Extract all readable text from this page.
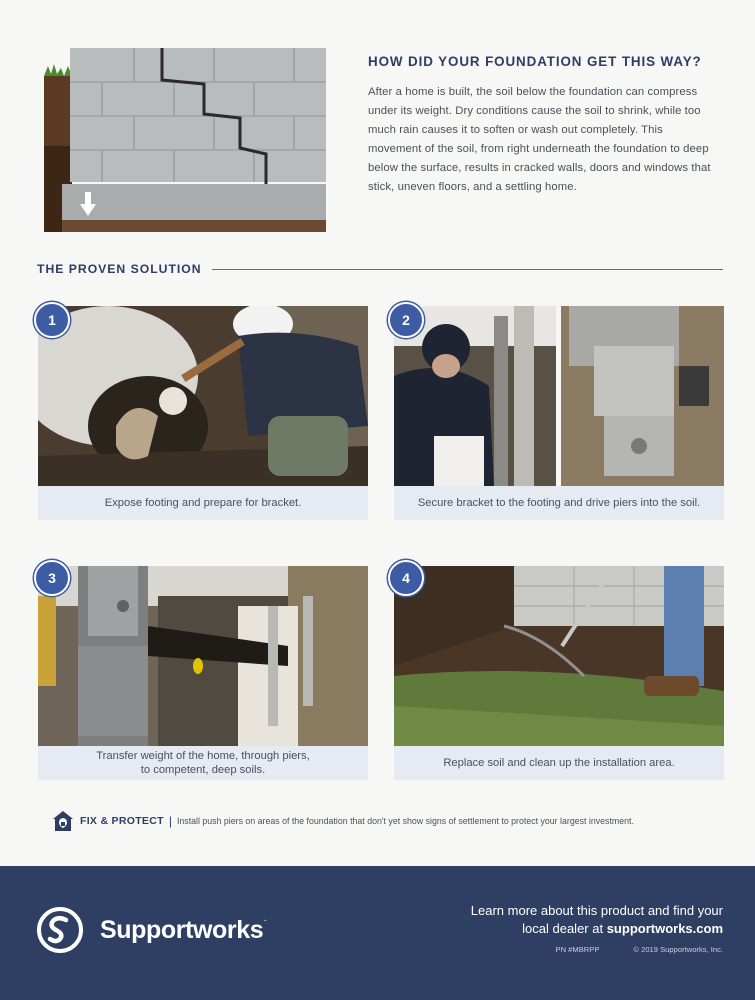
HOW DID YOUR FOUNDATION GET THIS WAY?

After a home is built, the soil below the foundation can compress under its weight. Dry conditions cause the soil to shrink, while too much rain causes it to soften or wash out completely. This movement of the soil, from right underneath the foundation to deep below the surface, results in cracked walls, doors and windows that stick, uneven floors, and a settling home.

THE PROVEN SOLUTION
Expose footing and prepare for bracket.
1
Secure bracket to the footing and drive piers into the soil.
2
Transfer weight of the home, through piers,
to competent, deep soils.
3
Replace soil and clean up the installation area.
4
FIX & PROTECT | Install push piers on areas of the foundation that don't yet show signs of settlement to protect your largest investment.
Supportworks.
Learn more about this product and find your
local dealer at supportworks.com
PN #MBRPP	© 2019 Supportworks, Inc.
